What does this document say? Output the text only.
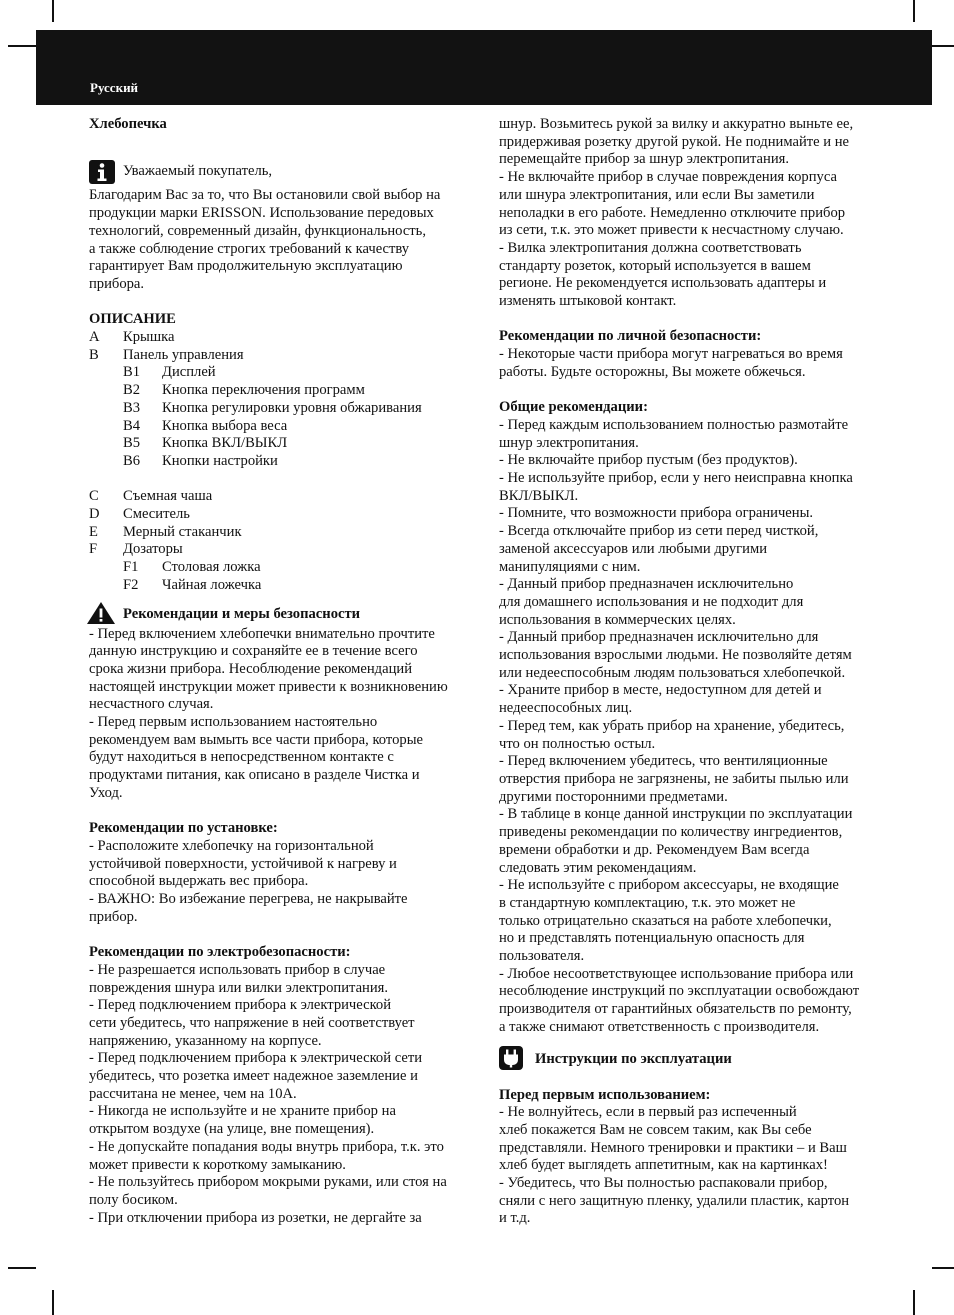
Русский
Хлебопечка
Уважаемый покупатель,
Благодарим Вас за то, что Вы остановили свой выбор на
продукции марки ERISSON. Использование передовых
технологий, современный дизайн, функциональность,
а также соблюдение строгих требований к качеству
гарантирует Вам продолжительную эксплуатацию
прибора.
ОПИСАНИЕ
A Крышка
B Панель управления
B1 Дисплей
B2 Кнопка переключения программ
B3 Кнопка регулировки уровня обжаривания
B4 Кнопка выбора веса
B5 Кнопка ВКЛ/ВЫКЛ
B6 Кнопки настройки
C Съемная чаша
D Смеситель
E Мерный стаканчик
F Дозаторы
F1 Столовая ложка
F2 Чайная ложечка
Рекомендации и меры безопасности
- Перед включением хлебопечки внимательно прочтите
данную инструкцию и сохраняйте ее в течение всего
срока жизни прибора. Несоблюдение рекомендаций
настоящей инструкции может привести к возникновению
несчастного случая.
- Перед первым использованием настоятельно
рекомендуем вам вымыть все части прибора, которые
будут находиться в непосредственном контакте с
продуктами питания, как описано в разделе Чистка и
Уход.
Рекомендации по установке:
- Расположите хлебопечку на горизонтальной
устойчивой поверхности, устойчивой к нагреву и
способной выдержать вес прибора.
- ВАЖНО: Во избежание перегрева, не накрывайте
прибор.
Рекомендации по электробезопасности:
- Не разрешается использовать прибор в случае
повреждения шнура или вилки электропитания.
- Перед подключением прибора к электрической
сети убедитесь, что напряжение в ней соответствует
напряжению, указанному на корпусе.
- Перед подключением прибора к электрической сети
убедитесь, что розетка имеет надежное заземление и
рассчитана не менее, чем на 10А.
- Никогда не используйте и не храните прибор на
открытом воздухе (на улице, вне помещения).
- Не допускайте попадания воды внутрь прибора, т.к. это
может привести к короткому замыканию.
- Не пользуйтесь прибором мокрыми руками, или стоя на
полу босиком.
- При отключении прибора из розетки, не дергайте за
шнур. Возьмитесь рукой за вилку и аккуратно выньте ее,
придерживая розетку другой рукой. Не поднимайте и не
перемещайте прибор за шнур электропитания.
- Не включайте прибор в случае повреждения корпуса
или шнура электропитания, или если Вы заметили
неполадки в его работе. Немедленно отключите прибор
из сети, т.к. это может привести к несчастному случаю.
- Вилка электропитания должна соответствовать
стандарту розеток, который используется в вашем
регионе. Не рекомендуется использовать адаптеры и
изменять штыковой контакт.
Рекомендации по личной безопасности:
- Некоторые части прибора могут нагреваться во время
работы. Будьте осторожны, Вы можете обжечься.
Общие рекомендации:
- Перед каждым использованием полностью размотайте
шнур электропитания.
- Не включайте прибор пустым (без продуктов).
- Не используйте прибор, если у него неисправна кнопка
ВКЛ/ВЫКЛ.
- Помните, что возможности прибора ограничены.
- Всегда отключайте прибор из сети перед чисткой,
заменой аксессуаров или любыми другими
манипуляциями с ним.
- Данный прибор предназначен исключительно
для домашнего использования и не подходит для
использования в коммерческих целях.
- Данный прибор предназначен исключительно для
использования взрослыми людьми. Не позволяйте детям
или недееспособным людям пользоваться хлебопечкой.
- Храните прибор в месте, недоступном для детей и
недееспособных лиц.
- Перед тем, как убрать прибор на хранение, убедитесь,
что он полностью остыл.
- Перед включением убедитесь, что вентиляционные
отверстия прибора не загрязнены, не забиты пылью или
другими посторонними предметами.
- В таблице в конце данной инструкции по эксплуатации
приведены рекомендации по количеству ингредиентов,
времени обработки и др. Рекомендуем Вам всегда
следовать этим рекомендациям.
- Не используйте с прибором аксессуары, не входящие
в стандартную комплектацию, т.к. это может не
только отрицательно сказаться на работе хлебопечки,
но и представлять потенциальную опасность для
пользователя.
- Любое несоответствующее использование прибора или
несоблюдение инструкций по эксплуатации освобождают
производителя от гарантийных обязательств по ремонту,
а также снимают ответственность с производителя.
Инструкции по эксплуатации
Перед первым использованием:
- Не волнуйтесь, если в первый раз испеченный
хлеб покажется Вам не совсем таким, как Вы себе
представляли. Немного тренировки и практики – и Ваш
хлеб будет выглядеть аппетитным, как на картинках!
- Убедитесь, что Вы полностью распаковали прибор,
сняли с него защитную пленку, удалили пластик, картон
и т.д.
